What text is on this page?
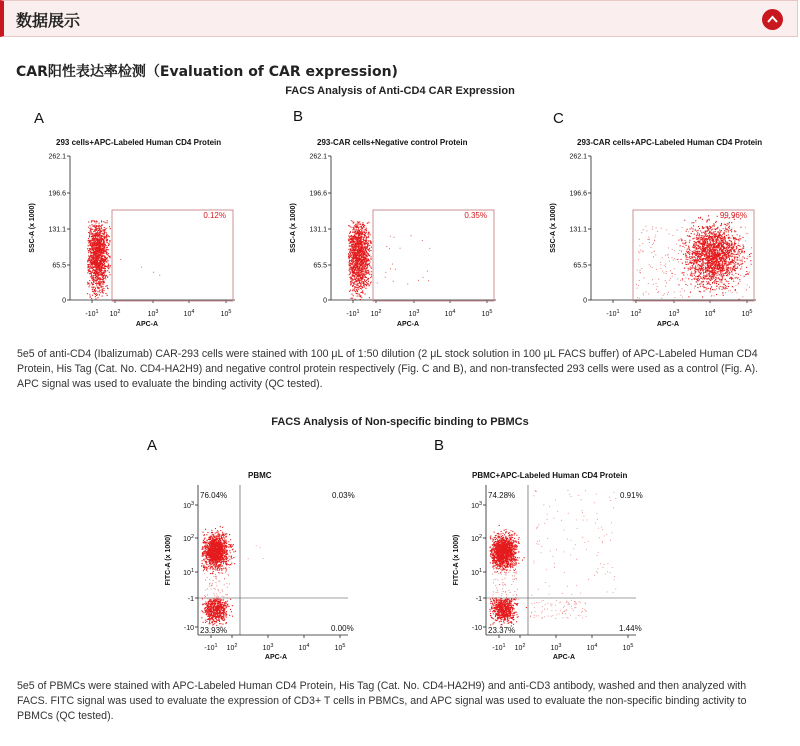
数据展示
CAR阳性表达率检测（Evaluation of CAR expression)
FACS Analysis of Anti-CD4 CAR Expression
A	B	C
5e5 of anti-CD4 (Ibalizumab) CAR-293 cells were stained with 100 μL of 1:50 dilution (2 μL stock solution in 100 μL FACS buffer) of APC-Labeled Human CD4 Protein, His Tag (Cat. No. CD4-HA2H9) and negative control protein respectively (Fig. C and B), and non-transfected 293 cells were used as a control (Fig. A). APC signal was used to evaluate the binding activity (QC tested).
FACS Analysis of Non-specific binding to PBMCs
A	B
5e5 of PBMCs were stained with APC-Labeled Human CD4 Protein, His Tag (Cat. No. CD4-HA2H9) and anti-CD3 antibody, washed and then analyzed with FACS. FITC signal was used to evaluate the expression of CD3+ T cells in PBMCs, and APC signal was used to evaluate the non-specific binding activity to PBMCs (QC tested).
293 cells+APC-Labeled Human CD4 Protein
262.1
196.6
131.1
65.5
0
$-10^1$ $10^2$	$10^3$	$10^4$	$10^5$
APC-A
SSC-A (x 1000)	0.12%
293-CAR cells+Negative control Protein
262.1
196.6
131.1
65.5
0
$-10^1$ $10^2$	$10^3$	$10^4$	$10^5$
APC-A
SSC-A (x 1000)	0.35%
293-CAR cells+APC-Labeled Human CD4 Protein
262.1
196.6
131.1
65.5
0
$-10^1$ $10^2$	$10^3$	$10^4$	$10^5$
APC-A
SSC-A (x 1000)	99.96%
$10^3$
$10^2$
$10^1$
-1
-10
PBMC
$-10^1$ $10^2$	$10^3$	$10^4$	$10^5$
APC-A
FITC-A (x 1000)
76.04%	0.03%
23.93%	0.00%
$10^3$
$10^2$
$10^1$
-1
-10
PBMC+APC-Labeled Human CD4 Protein
$-10^1$ $10^2$	$10^3$	$10^4$	$10^5$
APC-A
FITC-A (x 1000)
74.28%	0.91%
23.37%	1.44%
